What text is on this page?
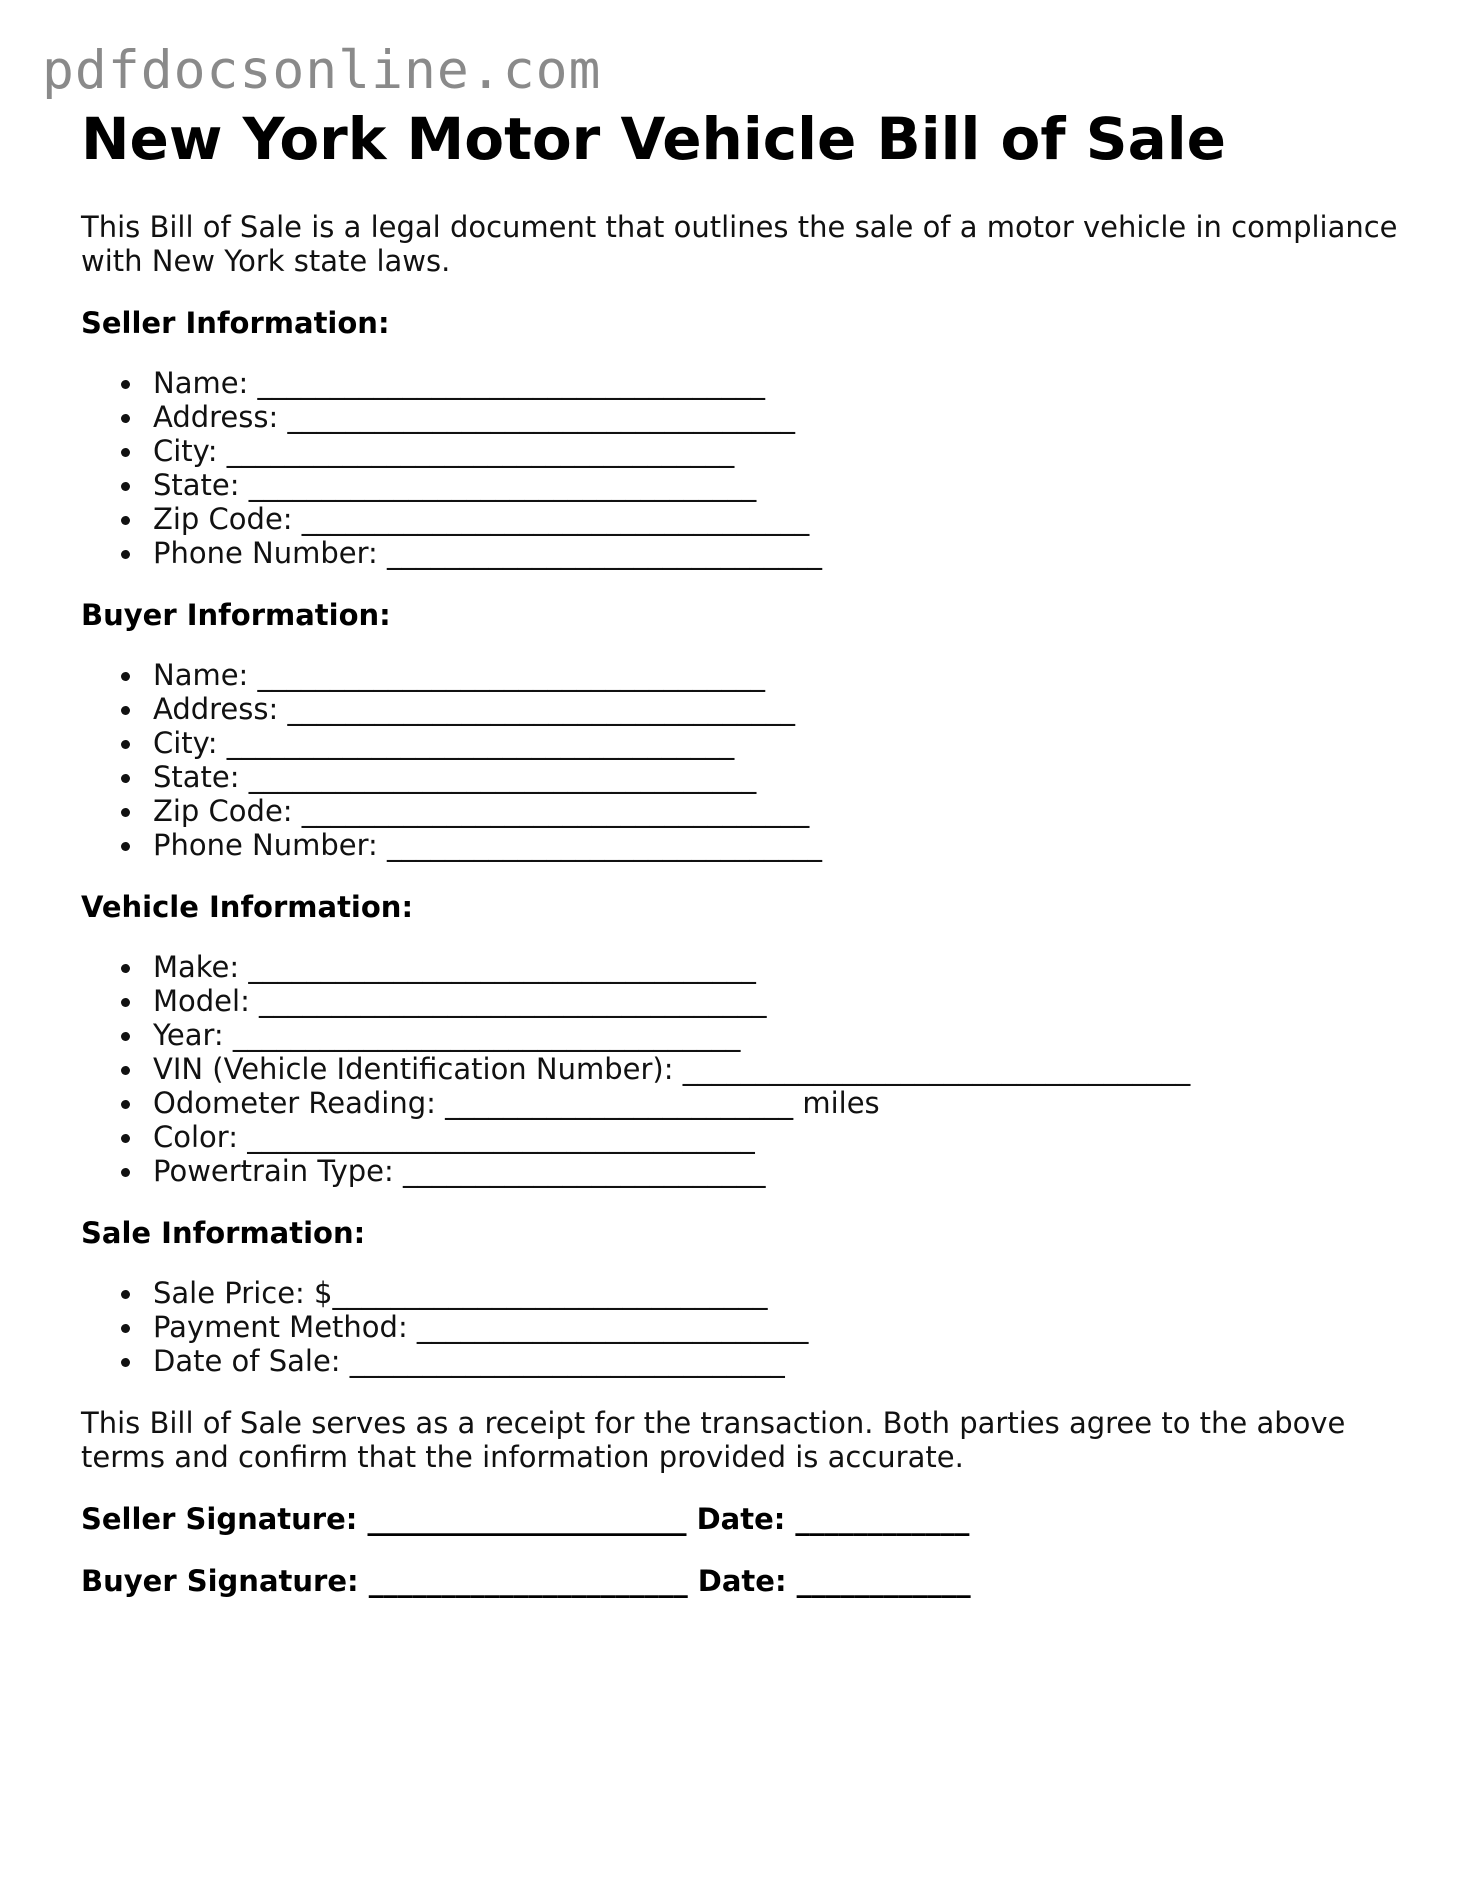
pdfdocsonline.com
New York Motor Vehicle Bill of Sale

This Bill of Sale is a legal document that outlines the sale of a motor vehicle in compliance with New York state laws.

Seller Information:

Name: ___________________________________
Address: ___________________________________
City: ___________________________________
State: ___________________________________
Zip Code: ___________________________________
Phone Number: ______________________________

Buyer Information:

Name: ___________________________________
Address: ___________________________________
City: ___________________________________
State: ___________________________________
Zip Code: ___________________________________
Phone Number: ______________________________

Vehicle Information:

Make: ___________________________________
Model: ___________________________________
Year: ___________________________________
VIN (Vehicle Identification Number): ___________________________________
Odometer Reading: ________________________ miles
Color: ___________________________________
Powertrain Type: _________________________

Sale Information:

Sale Price: $______________________________
Payment Method: ___________________________
Date of Sale: ______________________________

This Bill of Sale serves as a receipt for the transaction. Both parties agree to the above terms and confirm that the information provided is accurate.

Seller Signature: ______________________ Date: ____________

Buyer Signature: ______________________ Date: ____________
